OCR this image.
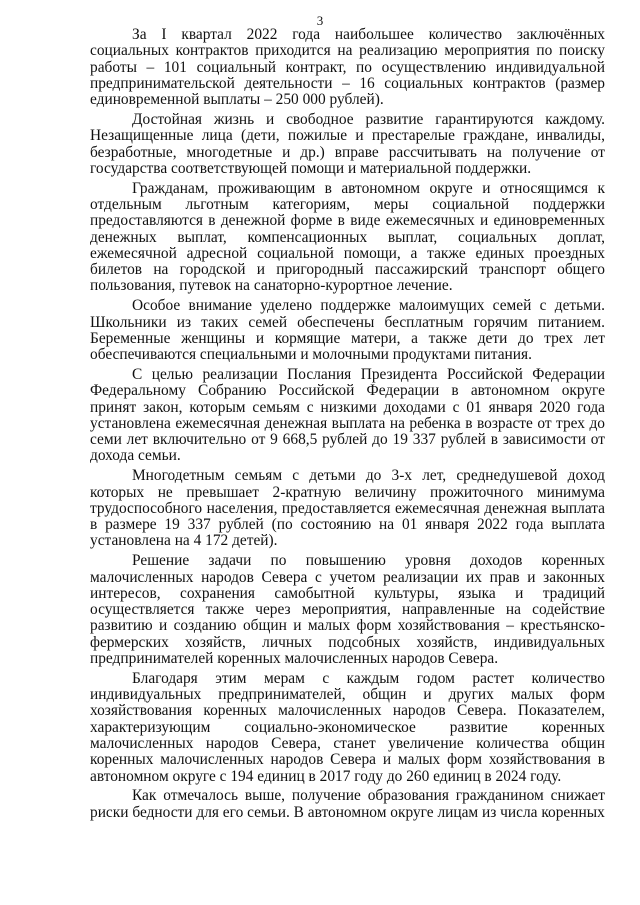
3

За I квартал 2022 года наибольшее количество заключённых социальных контрактов приходится на реализацию мероприятия по поиску работы – 101 социальный контракт, по осуществлению индивидуальной предпринимательской деятельности – 16 социальных контрактов (размер единовременной выплаты – 250 000 рублей).

Достойная жизнь и свободное развитие гарантируются каждому. Незащищенные лица (дети, пожилые и престарелые граждане, инвалиды, безработные, многодетные и др.) вправе рассчитывать на получение от государства соответствующей помощи и материальной поддержки.

Гражданам, проживающим в автономном округе и относящимся к отдельным льготным категориям, меры социальной поддержки предоставляются в денежной форме в виде ежемесячных и единовременных денежных выплат, компенсационных выплат, социальных доплат, ежемесячной адресной социальной помощи, а также единых проездных билетов на городской и пригородный пассажирский транспорт общего пользования, путевок на санаторно-курортное лечение.

Особое внимание уделено поддержке малоимущих семей с детьми. Школьники из таких семей обеспечены бесплатным горячим питанием. Беременные женщины и кормящие матери, а также дети до трех лет обеспечиваются специальными и молочными продуктами питания.

С целью реализации Послания Президента Российской Федерации Федеральному Собранию Российской Федерации в автономном округе принят закон, которым семьям с низкими доходами с 01 января 2020 года установлена ежемесячная денежная выплата на ребенка в возрасте от трех до семи лет включительно от 9 668,5 рублей до 19 337 рублей в зависимости от дохода семьи.

Многодетным семьям с детьми до 3-х лет, среднедушевой доход которых не превышает 2-кратную величину прожиточного минимума трудоспособного населения, предоставляется ежемесячная денежная выплата в размере 19 337 рублей (по состоянию на 01 января 2022 года выплата установлена на 4 172 детей).

Решение задачи по повышению уровня доходов коренных малочисленных народов Севера с учетом реализации их прав и законных интересов, сохранения самобытной культуры, языка и традиций осуществляется также через мероприятия, направленные на содействие развитию и созданию общин и малых форм хозяйствования – крестьянско-фермерских хозяйств, личных подсобных хозяйств, индивидуальных предпринимателей коренных малочисленных народов Севера.

Благодаря этим мерам с каждым годом растет количество индивидуальных предпринимателей, общин и других малых форм хозяйствования коренных малочисленных народов Севера. Показателем, характеризующим социально-экономическое развитие коренных малочисленных народов Севера, станет увеличение количества общин коренных малочисленных народов Севера и малых форм хозяйствования в автономном округе с 194 единиц в 2017 году до 260 единиц в 2024 году.

Как отмечалось выше, получение образования гражданином снижает риски бедности для его семьи. В автономном округе лицам из числа коренных
